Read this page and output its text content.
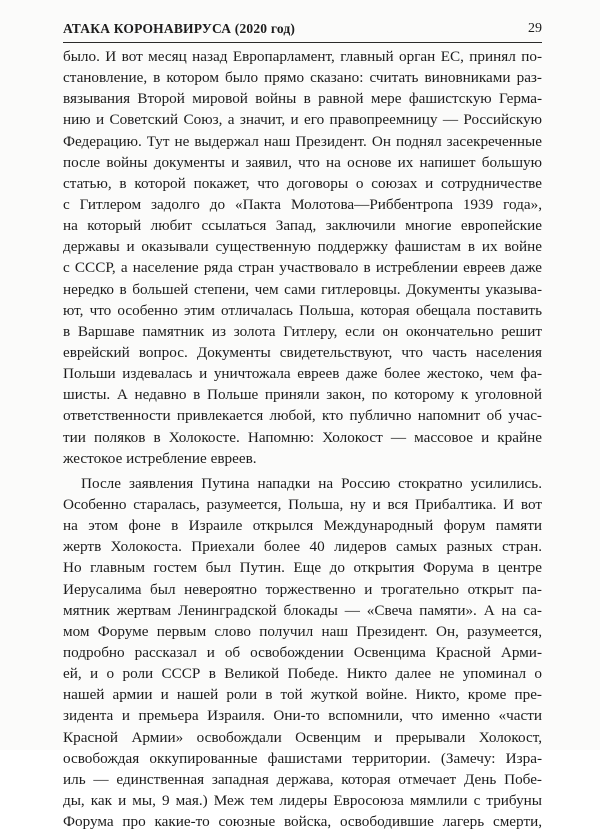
АТАКА КОРОНАВИРУСА (2020 год)	29
было. И вот месяц назад Европарламент, главный орган ЕС, принял по-
становление, в котором было прямо сказано: считать виновниками раз-
вязывания Второй мировой войны в равной мере фашистскую Герма-
нию и Советский Союз, а значит, и его правопреемницу — Российскую
Федерацию. Тут не выдержал наш Президент. Он поднял засекреченные
после войны документы и заявил, что на основе их напишет большую
статью, в которой покажет, что договоры о союзах и сотрудничестве
с Гитлером задолго до «Пакта Молотова—Риббентропа 1939 года»,
на который любит ссылаться Запад, заключили многие европейские
державы и оказывали существенную поддержку фашистам в их войне
с СССР, а население ряда стран участвовало в истреблении евреев даже
нередко в большей степени, чем сами гитлеровцы. Документы указыва-
ют, что особенно этим отличалась Польша, которая обещала поставить
в Варшаве памятник из золота Гитлеру, если он окончательно решит
еврейский вопрос. Документы свидетельствуют, что часть населения
Польши издевалась и уничтожала евреев даже более жестоко, чем фа-
шисты. А недавно в Польше приняли закон, по которому к уголовной
ответственности привлекается любой, кто публично напомнит об учас-
тии поляков в Холокосте. Напомню: Холокост — массовое и крайне
жестокое истребление евреев.
После заявления Путина нападки на Россию стократно усилились.
Особенно старалась, разумеется, Польша, ну и вся Прибалтика. И вот
на этом фоне в Израиле открылся Международный форум памяти
жертв Холокоста. Приехали более 40 лидеров самых разных стран.
Но главным гостем был Путин. Еще до открытия Форума в центре
Иерусалима был невероятно торжественно и трогательно открыт па-
мятник жертвам Ленинградской блокады — «Свеча памяти». А на са-
мом Форуме первым слово получил наш Президент. Он, разумеется,
подробно рассказал и об освобождении Освенцима Красной Арми-
ей, и о роли СССР в Великой Победе. Никто далее не упоминал о
нашей армии и нашей роли в той жуткой войне. Никто, кроме пре-
зидента и премьера Израиля. Они-то вспомнили, что именно «части
Красной Армии» освобождали Освенцим и прерывали Холокост,
освобождая оккупированные фашистами территории. (Замечу: Изра-
иль — единственная западная держава, которая отмечает День Побе-
ды, как и мы, 9 мая.) Меж тем лидеры Евросоюза мямлили с трибуны
Форума про какие-то союзные войска, освободившие лагерь смерти,
